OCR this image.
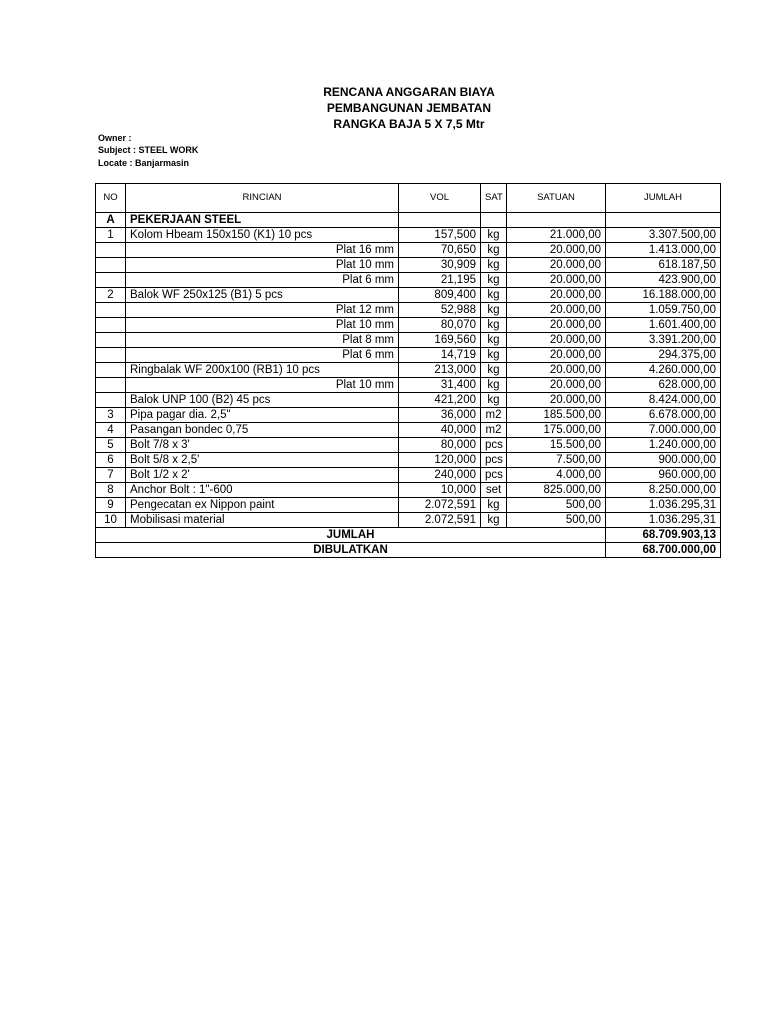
RENCANA ANGGARAN BIAYA
PEMBANGUNAN JEMBATAN
RANGKA BAJA 5 X 7,5 Mtr
Owner :
Subject : STEEL WORK
Locate : Banjarmasin
NO	RINCIAN	VOL	SAT	SATUAN	JUMLAH
A	PEKERJAAN STEEL				
1	Kolom Hbeam 150x150 (K1) 10 pcs	157,500	kg	21.000,00	3.307.500,00
	Plat 16 mm	70,650	kg	20.000,00	1.413.000,00
	Plat 10 mm	30,909	kg	20.000,00	618.187,50
	Plat 6 mm	21,195	kg	20.000,00	423.900,00
2	Balok WF 250x125 (B1) 5 pcs	809,400	kg	20.000,00	16.188.000,00
	Plat 12 mm	52,988	kg	20.000,00	1.059.750,00
	Plat 10 mm	80,070	kg	20.000,00	1.601.400,00
	Plat 8 mm	169,560	kg	20.000,00	3.391.200,00
	Plat 6 mm	14,719	kg	20.000,00	294.375,00
	Ringbalak WF 200x100 (RB1) 10 pcs	213,000	kg	20.000,00	4.260.000,00
	Plat 10 mm	31,400	kg	20.000,00	628.000,00
	Balok UNP 100 (B2) 45 pcs	421,200	kg	20.000,00	8.424.000,00
3	Pipa pagar dia. 2,5"	36,000	m2	185.500,00	6.678.000,00
4	Pasangan bondec 0,75	40,000	m2	175.000,00	7.000.000,00
5	Bolt 7/8 x 3'	80,000	pcs	15.500,00	1.240.000,00
6	Bolt 5/8 x 2,5'	120,000	pcs	7.500,00	900.000,00
7	Bolt 1/2 x 2'	240,000	pcs	4.000,00	960.000,00
8	Anchor Bolt : 1"-600	10,000	set	825.000,00	8.250.000,00
9	Pengecatan ex Nippon paint	2.072,591	kg	500,00	1.036.295,31
10	Mobilisasi material	2.072,591	kg	500,00	1.036.295,31
JUMLAH					68.709.903,13
DIBULATKAN					68.700.000,00
